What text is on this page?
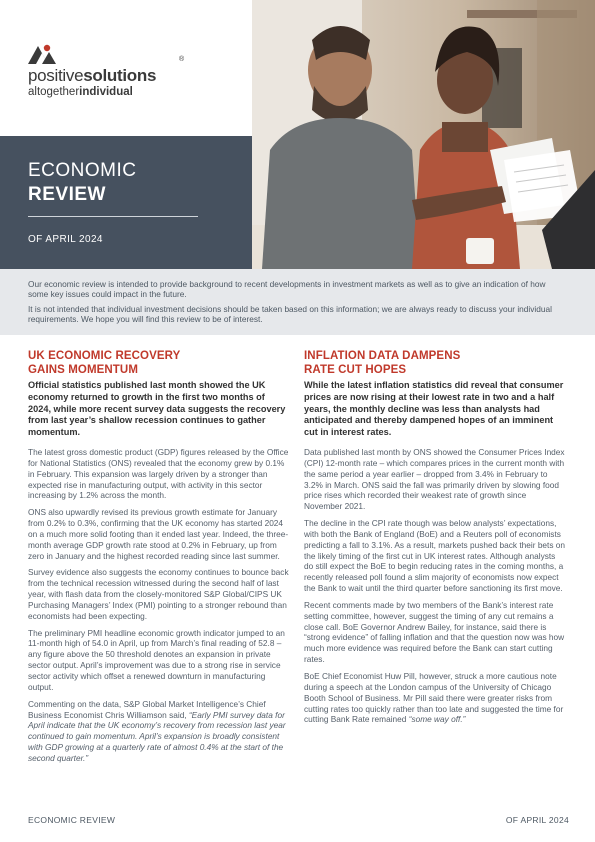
positivesolutions
®
altogetherindividual
ECONOMIC
REVIEW
OF APRIL 2024

Our economic review is intended to provide background to recent developments in investment markets as well as to give an indication of how some key issues could impact in the future.

It is not intended that individual investment decisions should be taken based on this information; we are always ready to discuss your individual requirements. We hope you will find this review to be of interest.

UK ECONOMIC RECOVERY
GAINS MOMENTUM
Official statistics published last month showed the UK economy returned to growth in the first two months of 2024, while more recent survey data suggests the recovery from last year’s shallow recession continues to gather momentum.

The latest gross domestic product (GDP) figures released by the Office for National Statistics (ONS) revealed that the economy grew by 0.1% in February. This expansion was largely driven by a stronger than expected rise in manufacturing output, with activity in this sector increasing by 1.2% across the month.

ONS also upwardly revised its previous growth estimate for January from 0.2% to 0.3%, confirming that the UK economy has started 2024 on a much more solid footing than it ended last year. Indeed, the three-month average GDP growth rate stood at 0.2% in February, up from zero in January and the highest recorded reading since last summer.

Survey evidence also suggests the economy continues to bounce back from the technical recession witnessed during the second half of last year, with flash data from the closely-monitored S&P Global/CIPS UK Purchasing Managers’ Index (PMI) pointing to a stronger rebound than economists had been expecting.

The preliminary PMI headline economic growth indicator jumped to an 11-month high of 54.0 in April, up from March’s final reading of 52.8 – any figure above the 50 threshold denotes an expansion in private sector output. April’s improvement was due to a strong rise in service sector activity which offset a renewed downturn in manufacturing output.

Commenting on the data, S&P Global Market Intelligence’s Chief Business Economist Chris Williamson said, “Early PMI survey data for April indicate that the UK economy’s recovery from recession last year continued to gain momentum. April’s expansion is broadly consistent with GDP growing at a quarterly rate of almost 0.4% at the start of the second quarter.”

INFLATION DATA DAMPENS
RATE CUT HOPES
While the latest inflation statistics did reveal that consumer prices are now rising at their lowest rate in two and a half years, the monthly decline was less than analysts had anticipated and thereby dampened hopes of an imminent cut in interest rates.

Data published last month by ONS showed the Consumer Prices Index (CPI) 12-month rate – which compares prices in the current month with the same period a year earlier – dropped from 3.4% in February to 3.2% in March. ONS said the fall was primarily driven by slowing food price rises which recorded their weakest rate of growth since November 2021.

The decline in the CPI rate though was below analysts’ expectations, with both the Bank of England (BoE) and a Reuters poll of economists predicting a fall to 3.1%. As a result, markets pushed back their bets on the likely timing of the first cut in UK interest rates. Although analysts do still expect the BoE to begin reducing rates in the coming months, a recently released poll found a slim majority of economists now expect the Bank to wait until the third quarter before sanctioning its first move.

Recent comments made by two members of the Bank’s interest rate setting committee, however, suggest the timing of any cut remains a close call. BoE Governor Andrew Bailey, for instance, said there is “strong evidence” of falling inflation and that the question now was how much more evidence was required before the Bank can start cutting rates.

BoE Chief Economist Huw Pill, however, struck a more cautious note during a speech at the London campus of the University of Chicago Booth School of Business. Mr Pill said there were greater risks from cutting rates too quickly rather than too late and suggested the time for cutting Bank Rate remained “some way off.”

ECONOMIC REVIEW	OF APRIL 2024
